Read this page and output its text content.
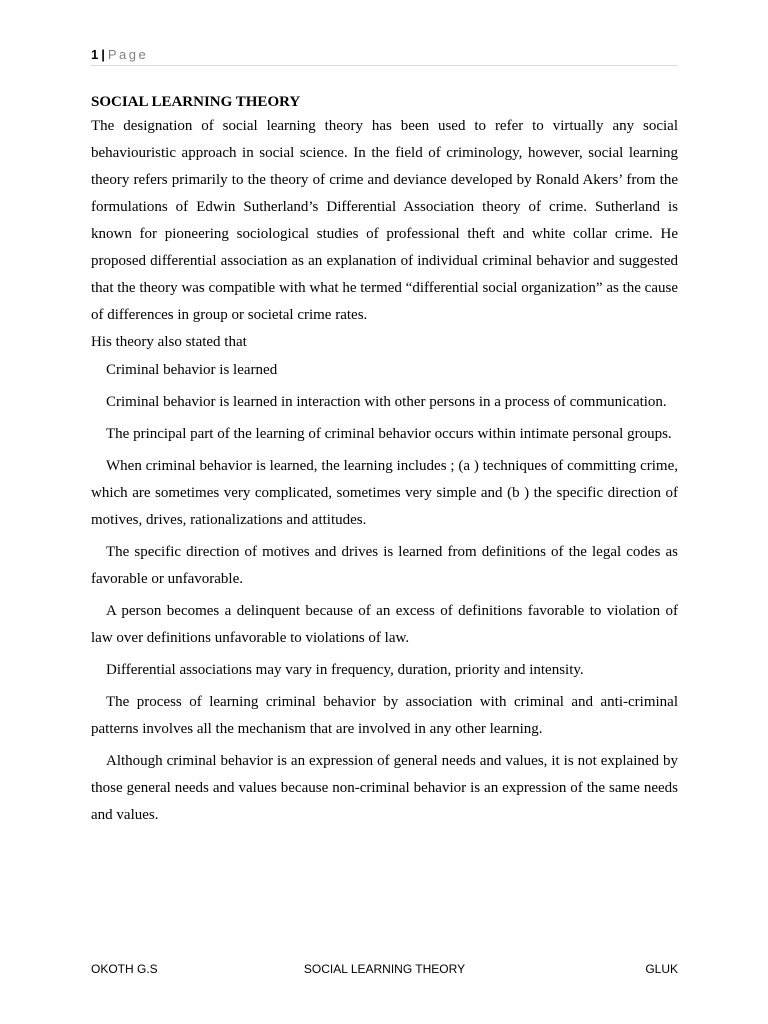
1 | Page
SOCIAL LEARNING THEORY

The designation of social learning theory has been used to refer to virtually any social behaviouristic approach in social science. In the field of criminology, however, social learning theory refers primarily to the theory of crime and deviance developed by Ronald Akers’ from the formulations of Edwin Sutherland’s Differential Association theory of crime. Sutherland is known for pioneering sociological studies of professional theft and white collar crime. He proposed differential association as an explanation of individual criminal behavior and suggested that the theory was compatible with what he termed “differential social organization” as the cause of differences in group or societal crime rates.

His theory also stated that

Criminal behavior is learned

Criminal behavior is learned in interaction with other persons in a process of communication.

The principal part of the learning of criminal behavior occurs within intimate personal groups.

When criminal behavior is learned, the learning includes ; (a ) techniques of committing crime, which are sometimes very complicated, sometimes very simple and (b ) the specific direction of motives, drives, rationalizations and attitudes.

The specific direction of motives and drives is learned from definitions of the legal codes as favorable or unfavorable.

A person becomes a delinquent because of an excess of definitions favorable to violation of law over definitions unfavorable to violations of law.

Differential associations may vary in frequency, duration, priority and intensity.

The process of learning criminal behavior by association with criminal and anti-criminal patterns involves all the mechanism that are involved in any other learning.

Although criminal behavior is an expression of general needs and values, it is not explained by those general needs and values because non-criminal behavior is an expression of the same needs and values.

OKOTH G.S	SOCIAL LEARNING THEORY	GLUK
